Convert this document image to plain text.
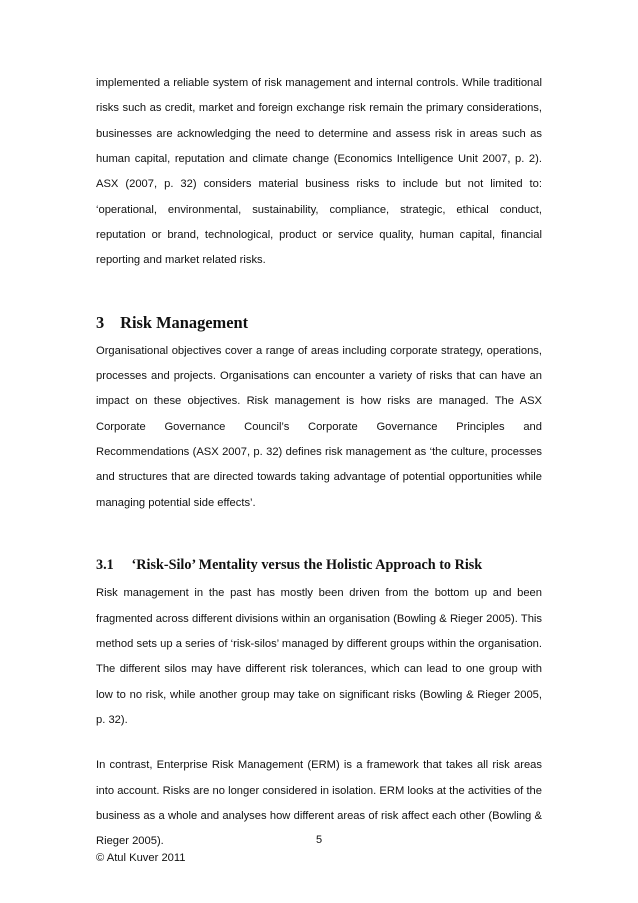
implemented a reliable system of risk management and internal controls. While traditional risks such as credit, market and foreign exchange risk remain the primary considerations, businesses are acknowledging the need to determine and assess risk in areas such as human capital, reputation and climate change (Economics Intelligence Unit 2007, p. 2). ASX (2007, p. 32) considers material business risks to include but not limited to: ‘operational, environmental, sustainability, compliance, strategic, ethical conduct, reputation or brand, technological, product or service quality, human capital, financial reporting and market related risks.

3 Risk Management

Organisational objectives cover a range of areas including corporate strategy, operations, processes and projects. Organisations can encounter a variety of risks that can have an impact on these objectives. Risk management is how risks are managed. The ASX Corporate Governance Council’s Corporate Governance Principles and Recommendations (ASX 2007, p. 32) defines risk management as ‘the culture, processes and structures that are directed towards taking advantage of potential opportunities while managing potential side effects’.

3.1 ‘Risk-Silo’ Mentality versus the Holistic Approach to Risk

Risk management in the past has mostly been driven from the bottom up and been fragmented across different divisions within an organisation (Bowling & Rieger 2005). This method sets up a series of ‘risk-silos’ managed by different groups within the organisation. The different silos may have different risk tolerances, which can lead to one group with low to no risk, while another group may take on significant risks (Bowling & Rieger 2005, p. 32).

In contrast, Enterprise Risk Management (ERM) is a framework that takes all risk areas into account. Risks are no longer considered in isolation. ERM looks at the activities of the business as a whole and analyses how different areas of risk affect each other (Bowling & Rieger 2005).	5
© Atul Kuver 2011
